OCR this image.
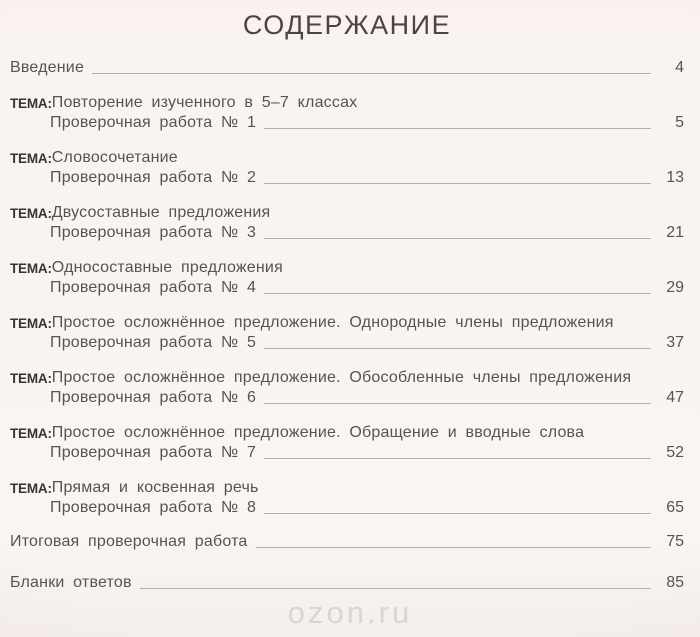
СОДЕРЖАНИЕ
Введение	4
ТЕМА: Повторение изученного в 5–7 классах
Проверочная работа № 1	5
ТЕМА: Словосочетание
Проверочная работа № 2	13
ТЕМА: Двусоставные предложения
Проверочная работа № 3	21
ТЕМА: Односоставные предложения
Проверочная работа № 4	29
ТЕМА: Простое осложнённое предложение. Однородные члены предложения
Проверочная работа № 5	37
ТЕМА: Простое осложнённое предложение. Обособленные члены предложения
Проверочная работа № 6	47
ТЕМА: Простое осложнённое предложение. Обращение и вводные слова
Проверочная работа № 7	52
ТЕМА: Прямая и косвенная речь
Проверочная работа № 8	65
Итоговая проверочная работа	75
Бланки ответов	85
ozon.ru
